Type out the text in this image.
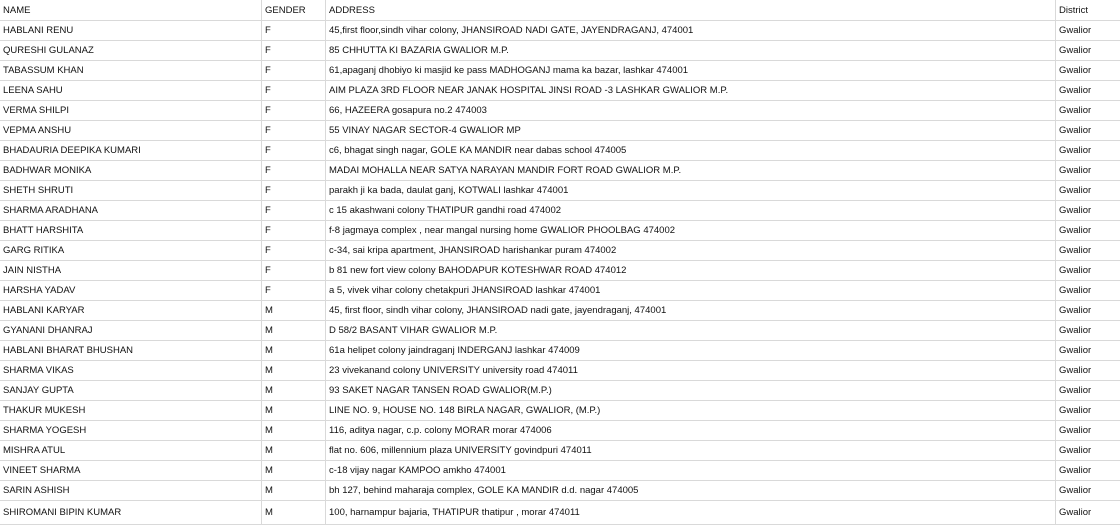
NAME	GENDER	ADDRESS	District
HABLANI RENU	F	45,first floor,sindh vihar colony, JHANSIROAD NADI GATE, JAYENDRAGANJ, 474001	Gwalior
QURESHI GULANAZ	F	85 CHHUTTA KI BAZARIA GWALIOR M.P.	Gwalior
TABASSUM KHAN	F	61,apaganj dhobiyo ki masjid ke pass MADHOGANJ mama ka bazar, lashkar 474001	Gwalior
LEENA SAHU	F	AIM PLAZA 3RD FLOOR NEAR JANAK HOSPITAL JINSI ROAD -3 LASHKAR GWALIOR M.P.	Gwalior
VERMA SHILPI	F	66, HAZEERA gosapura no.2 474003	Gwalior
VEPMA ANSHU	F	55 VINAY NAGAR SECTOR-4 GWALIOR MP	Gwalior
BHADAURIA DEEPIKA KUMARI	F	c6, bhagat singh nagar, GOLE KA MANDIR near dabas school 474005	Gwalior
BADHWAR MONIKA	F	MADAI MOHALLA NEAR SATYA NARAYAN MANDIR FORT ROAD GWALIOR M.P.	Gwalior
SHETH SHRUTI	F	parakh ji ka bada, daulat ganj, KOTWALI lashkar 474001	Gwalior
SHARMA ARADHANA	F	c 15 akashwani colony THATIPUR gandhi road 474002	Gwalior
BHATT HARSHITA	F	f-8 jagmaya complex , near mangal nursing home GWALIOR PHOOLBAG 474002	Gwalior
GARG RITIKA	F	c-34, sai kripa apartment, JHANSIROAD harishankar puram 474002	Gwalior
JAIN NISTHA	F	b 81 new fort view colony BAHODAPUR KOTESHWAR ROAD 474012	Gwalior
HARSHA YADAV	F	a 5, vivek vihar colony chetakpuri JHANSIROAD lashkar 474001	Gwalior
HABLANI KARYAR	M	45, first floor, sindh vihar colony, JHANSIROAD nadi gate, jayendraganj, 474001	Gwalior
GYANANI DHANRAJ	M	D 58/2 BASANT VIHAR GWALIOR M.P.	Gwalior
HABLANI BHARAT BHUSHAN	M	61a helipet colony jaindraganj INDERGANJ lashkar 474009	Gwalior
SHARMA VIKAS	M	23 vivekanand colony UNIVERSITY university road 474011	Gwalior
SANJAY GUPTA	M	93 SAKET NAGAR TANSEN ROAD GWALIOR(M.P.)	Gwalior
THAKUR MUKESH	M	LINE NO. 9, HOUSE NO. 148 BIRLA NAGAR, GWALIOR, (M.P.)	Gwalior
SHARMA YOGESH	M	116, aditya nagar, c.p. colony MORAR morar 474006	Gwalior
MISHRA ATUL	M	flat no. 606, millennium plaza UNIVERSITY govindpuri 474011	Gwalior
VINEET SHARMA	M	c-18 vijay nagar KAMPOO amkho 474001	Gwalior
SARIN ASHISH	M	bh 127, behind maharaja complex, GOLE KA MANDIR d.d. nagar 474005	Gwalior
SHIROMANI BIPIN KUMAR	M	100, harnampur bajaria, THATIPUR thatipur , morar 474011	Gwalior
